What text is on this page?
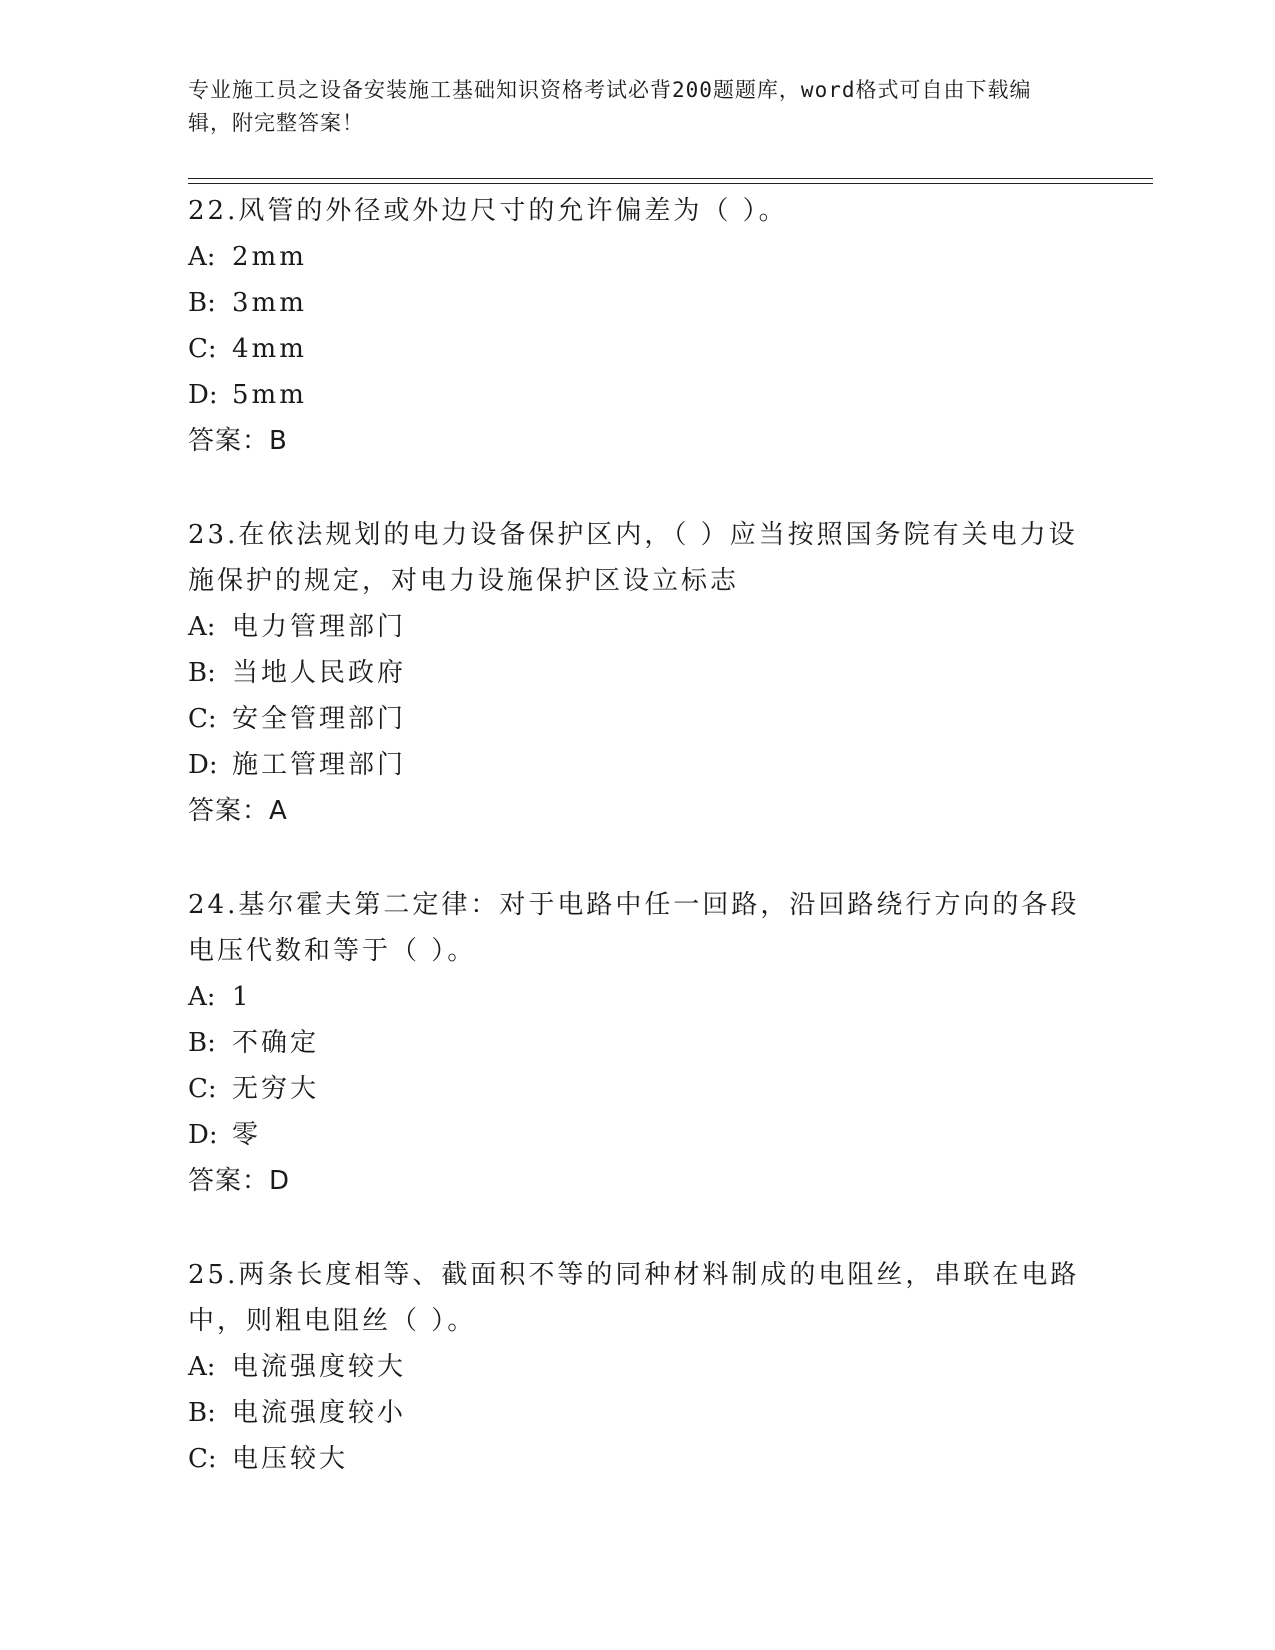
专业施工员之设备安装施工基础知识资格考试必背200题题库，word格式可自由下载编辑，附完整答案！

22.风管的外径或外边尺寸的允许偏差为（ ）。

A: 2mm
B: 3mm
C: 4mm
D: 5mm
答案：B

23.在依法规划的电力设备保护区内，（ ）应当按照国务院有关电力设施保护的规定，对电力设施保护区设立标志

A: 电力管理部门
B: 当地人民政府
C: 安全管理部门
D: 施工管理部门
答案：A

24.基尔霍夫第二定律：对于电路中任一回路，沿回路绕行方向的各段电压代数和等于（ ）。

A: 1
B: 不确定
C: 无穷大
D: 零
答案：D

25.两条长度相等、截面积不等的同种材料制成的电阻丝，串联在电路中，则粗电阻丝（ ）。

A: 电流强度较大
B: 电流强度较小
C: 电压较大
